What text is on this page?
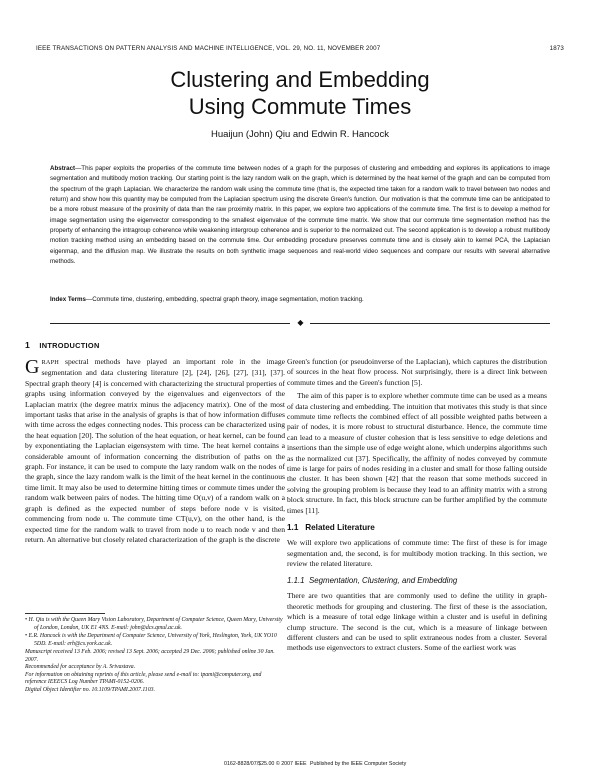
IEEE TRANSACTIONS ON PATTERN ANALYSIS AND MACHINE INTELLIGENCE, VOL. 29, NO. 11, NOVEMBER 2007	1873
Clustering and Embedding
Using Commute Times
Huaijun (John) Qiu and Edwin R. Hancock

Abstract—This paper exploits the properties of the commute time between nodes of a graph for the purposes of clustering and embedding and explores its applications to image segmentation and multibody motion tracking. Our starting point is the lazy random walk on the graph, which is determined by the heat kernel of the graph and can be computed from the spectrum of the graph Laplacian. We characterize the random walk using the commute time (that is, the expected time taken for a random walk to travel between two nodes and return) and show how this quantity may be computed from the Laplacian spectrum using the discrete Green's function. Our motivation is that the commute time can be anticipated to be a more robust measure of the proximity of data than the raw proximity matrix. In this paper, we explore two applications of the commute time. The first is to develop a method for image segmentation using the eigenvector corresponding to the smallest eigenvalue of the commute time matrix. We show that our commute time segmentation method has the property of enhancing the intragroup coherence while weakening intergroup coherence and is superior to the normalized cut. The second application is to develop a robust multibody motion tracking method using an embedding based on the commute time. Our embedding procedure preserves commute time and is closely akin to kernel PCA, the Laplacian eigenmap, and the diffusion map. We illustrate the results on both synthetic image sequences and real-world video sequences and compare our results with several alternative methods.

Index Terms—Commute time, clustering, embedding, spectral graph theory, image segmentation, motion tracking.

◆
1 INTRODUCTION

GRAPH spectral methods have played an important role in the image segmentation and data clustering literature [2], [24], [26], [27], [31], [37]. Spectral graph theory [4] is concerned with characterizing the structural properties of graphs using information conveyed by the eigenvalues and eigenvectors of the Laplacian matrix (the degree matrix minus the adjacency matrix). One of the most important tasks that arise in the analysis of graphs is that of how information diffuses with time across the edges connecting nodes. This process can be characterized using the heat equation [20]. The solution of the heat equation, or heat kernel, can be found by exponentiating the Laplacian eigensystem with time. The heat kernel contains a considerable amount of information concerning the distribution of paths on the graph. For instance, it can be used to compute the lazy random walk on the nodes of the graph, since the lazy random walk is the limit of the heat kernel in the continuous time limit. It may also be used to determine hitting times or commute times under the random walk between pairs of nodes. The hitting time O(u,v) of a random walk on a graph is defined as the expected number of steps before node v is visited, commencing from node u. The commute time CT(u,v), on the other hand, is the expected time for the random walk to travel from node u to reach node v and then return. An alternative but closely related characterization of the graph is the discrete

Green's function (or pseudoinverse of the Laplacian), which captures the distribution of sources in the heat flow process. Not surprisingly, there is a direct link between commute times and the Green's function [5].

The aim of this paper is to explore whether commute time can be used as a means of data clustering and embedding. The intuition that motivates this study is that since commute time reflects the combined effect of all possible weighted paths between a pair of nodes, it is more robust to structural disturbance. Hence, the commute time can lead to a measure of cluster cohesion that is less sensitive to edge deletions and insertions than the simple use of edge weight alone, which underpins algorithms such as the normalized cut [37]. Specifically, the affinity of nodes conveyed by commute time is large for pairs of nodes residing in a cluster and small for those falling outside the cluster. It has been shown [42] that the reason that some methods succeed in solving the grouping problem is because they lead to an affinity matrix with a strong block structure. In fact, this block structure can be further amplified by the commute times [11].

1.1 Related Literature

We will explore two applications of commute time: The first of these is for image segmentation and, the second, is for multibody motion tracking. In this section, we review the related literature.

1.1.1 Segmentation, Clustering, and Embedding

There are two quantities that are commonly used to define the utility in graph-theoretic methods for grouping and clustering. The first of these is the association, which is a measure of total edge linkage within a cluster and is useful in defining clump structure. The second is the cut, which is a measure of linkage between different clusters and can be used to split extraneous nodes from a cluster. Several methods use eigenvectors to extract clusters. Some of the earliest work was

• H. Qiu is with the Queen Mary Vision Laboratory, Department of Computer Science, Queen Mary, University of London, London, UK E1 4NS. E-mail: john@dcs.qmul.ac.uk.

• E.R. Hancock is with the Department of Computer Science, University of York, Heslington, York, UK YO10 5DD. E-mail: erh@cs.york.ac.uk.

Manuscript received 13 Feb. 2006; revised 13 Sept. 2006; accepted 29 Dec. 2006; published online 30 Jan. 2007.

Recommended for acceptance by A. Srivastava.

For information on obtaining reprints of this article, please send e-mail to: tpami@computer.org, and reference IEEECS Log Number TPAMI-0152-0206.

Digital Object Identifier no. 10.1109/TPAMI.2007.1103.

0162-8828/07/$25.00 © 2007 IEEE Published by the IEEE Computer Society
